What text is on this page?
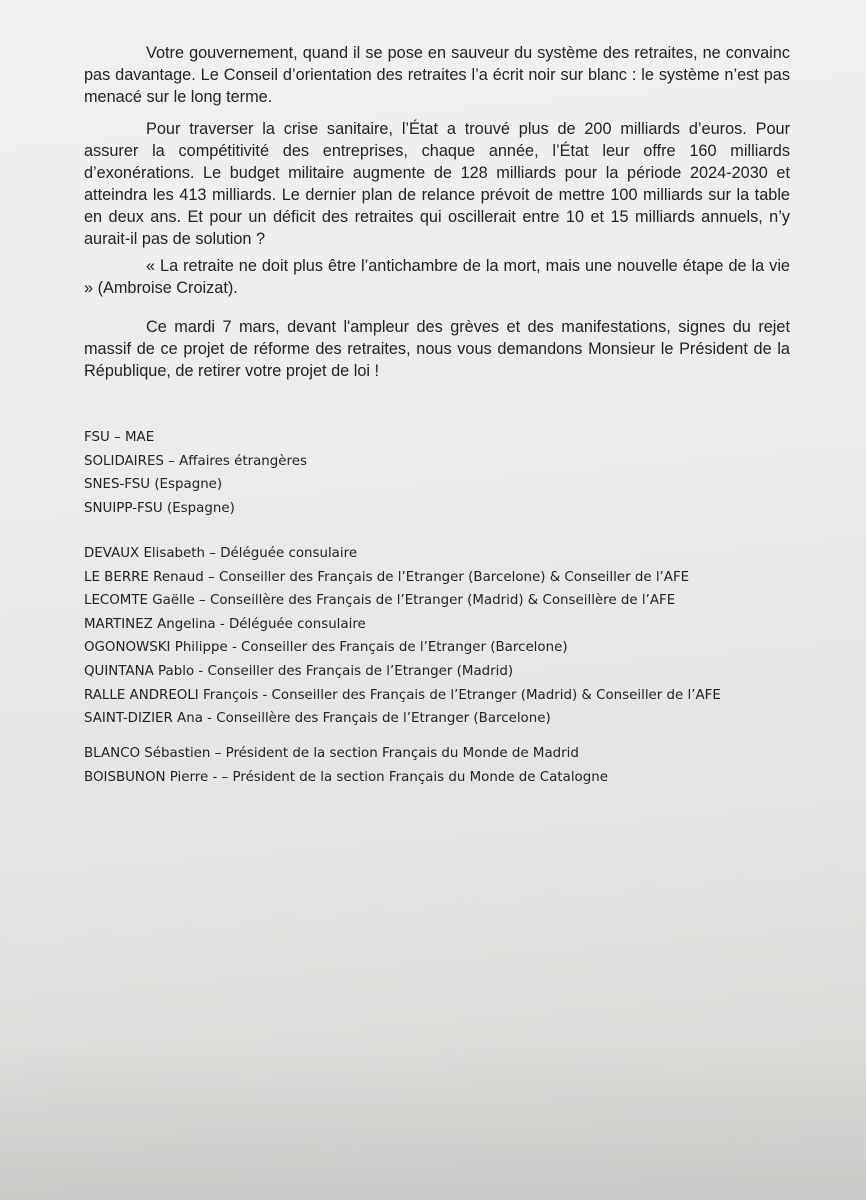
Votre gouvernement, quand il se pose en sauveur du système des retraites, ne convainc pas davantage. Le Conseil d’orientation des retraites l’a écrit noir sur blanc : le système n’est pas menacé sur le long terme.

Pour traverser la crise sanitaire, l’État a trouvé plus de 200 milliards d’euros. Pour assurer la compétitivité des entreprises, chaque année, l’État leur offre 160 milliards d’exonérations. Le budget militaire augmente de 128 milliards pour la période 2024-2030 et atteindra les 413 milliards. Le dernier plan de relance prévoit de mettre 100 milliards sur la table en deux ans. Et pour un déficit des retraites qui oscillerait entre 10 et 15 milliards annuels, n’y aurait-il pas de solution ?

« La retraite ne doit plus être l’antichambre de la mort, mais une nouvelle étape de la vie » (Ambroise Croizat).

Ce mardi 7 mars, devant l'ampleur des grèves et des manifestations, signes du rejet massif de ce projet de réforme des retraites, nous vous demandons Monsieur le Président de la République, de retirer votre projet de loi !

FSU – MAE
SOLIDAIRES – Affaires étrangères
SNES-FSU (Espagne)
SNUIPP-FSU (Espagne)
DEVAUX Elisabeth – Déléguée consulaire
LE BERRE Renaud – Conseiller des Français de l’Etranger (Barcelone) & Conseiller de l’AFE
LECOMTE Gaëlle – Conseillère des Français de l’Etranger (Madrid) & Conseillère de l’AFE
MARTINEZ Angelina - Déléguée consulaire
OGONOWSKI Philippe - Conseiller des Français de l’Etranger (Barcelone)
QUINTANA Pablo - Conseiller des Français de l’Etranger (Madrid)
RALLE ANDREOLI François - Conseiller des Français de l’Etranger (Madrid) & Conseiller de l’AFE
SAINT-DIZIER Ana - Conseillère des Français de l’Etranger (Barcelone)
BLANCO Sébastien – Président de la section Français du Monde de Madrid
BOISBUNON Pierre - – Président de la section Français du Monde de Catalogne
